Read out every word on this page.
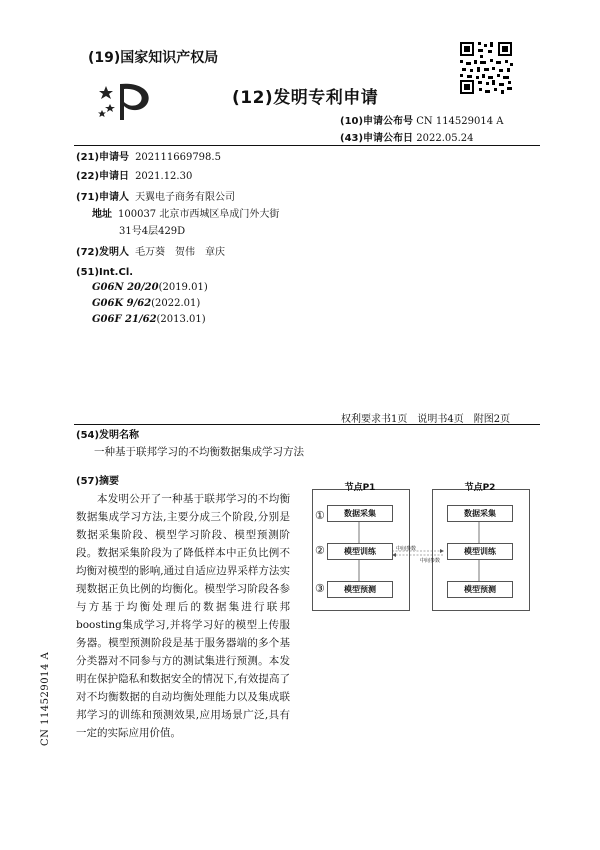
(19)国家知识产权局
(12)发明专利申请
(10)申请公布号 CN 114529014 A
(43)申请公布日 2022.05.24
(21)申请号 202111669798.5
(22)申请日 2021.12.30
(71)申请人 天翼电子商务有限公司
地址 100037 北京市西城区阜成门外大街
31号4层429D
(72)发明人 毛万葵　贺伟　章庆
(51)Int.Cl.
G06N 20/20(2019.01)
G06K 9/62(2022.01)
G06F 21/62(2013.01)
权利要求书1页　说明书4页　附图2页
(54)发明名称
一种基于联邦学习的不均衡数据集成学习方法
(57)摘要
本发明公开了一种基于联邦学习的不均衡数据集成学习方法,主要分成三个阶段,分别是数据采集阶段、模型学习阶段、模型预测阶段。数据采集阶段为了降低样本中正负比例不均衡对模型的影响,通过自适应边界采样方法实现数据正负比例的均衡化。模型学习阶段各参与方基于均衡处理后的数据集进行联邦boosting集成学习,并将学习好的模型上传服务器。模型预测阶段是基于服务器端的多个基分类器对不同参与方的测试集进行预测。本发明在保护隐私和数据安全的情况下,有效提高了对不均衡数据的自动均衡处理能力以及集成联邦学习的训练和预测效果,应用场景广泛,具有一定的实际应用价值。
CN 114529014 A
节点P1	节点P2
①
②
③
中间参数
中间参数
数据采集
模型训练
模型预测
数据采集
模型训练
模型预测
